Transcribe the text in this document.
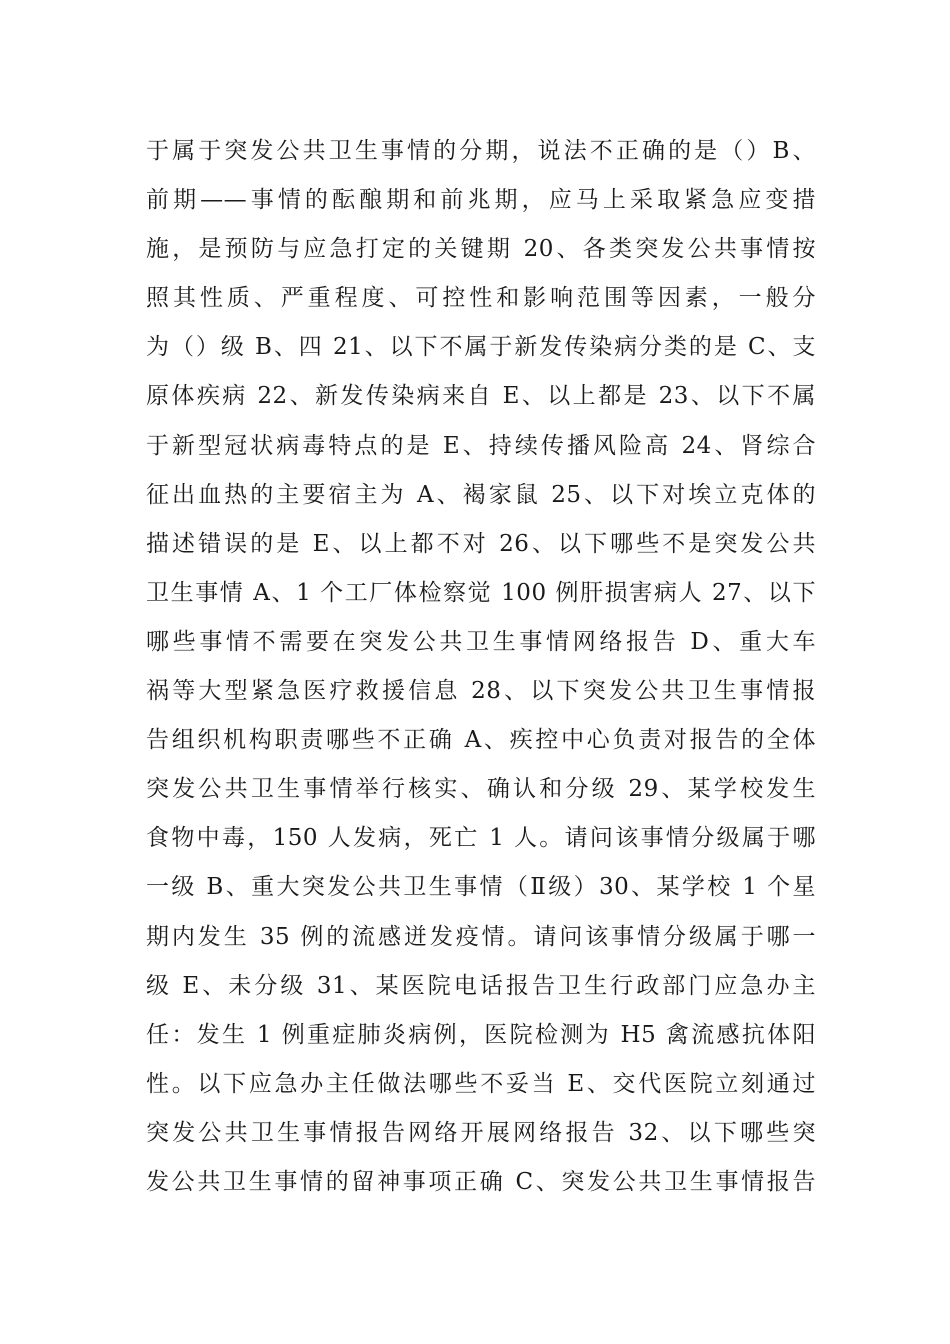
于属于突发公共卫生事情的分期，说法不正确的是（）B、
前期——事情的酝酿期和前兆期，应马上采取紧急应变措
施，是预防与应急打定的关键期 20、各类突发公共事情按
照其性质、严重程度、可控性和影响范围等因素，一般分
为（）级 B、四 21、以下不属于新发传染病分类的是 C、支
原体疾病 22、新发传染病来自 E、以上都是 23、以下不属
于新型冠状病毒特点的是 E、持续传播风险高 24、肾综合
征出血热的主要宿主为 A、褐家鼠 25、以下对埃立克体的
描述错误的是 E、以上都不对 26、以下哪些不是突发公共
卫生事情 A、1 个工厂体检察觉 100 例肝损害病人 27、以下
哪些事情不需要在突发公共卫生事情网络报告 D、重大车
祸等大型紧急医疗救援信息 28、以下突发公共卫生事情报
告组织机构职责哪些不正确 A、疾控中心负责对报告的全体
突发公共卫生事情举行核实、确认和分级 29、某学校发生
食物中毒，150 人发病，死亡 1 人。请问该事情分级属于哪
一级 B、重大突发公共卫生事情（Ⅱ级）30、某学校 1 个星
期内发生 35 例的流感迸发疫情。请问该事情分级属于哪一
级 E、未分级 31、某医院电话报告卫生行政部门应急办主
任：发生 1 例重症肺炎病例，医院检测为 H5 禽流感抗体阳
性。以下应急办主任做法哪些不妥当 E、交代医院立刻通过
突发公共卫生事情报告网络开展网络报告 32、以下哪些突
发公共卫生事情的留神事项正确 C、突发公共卫生事情报告
